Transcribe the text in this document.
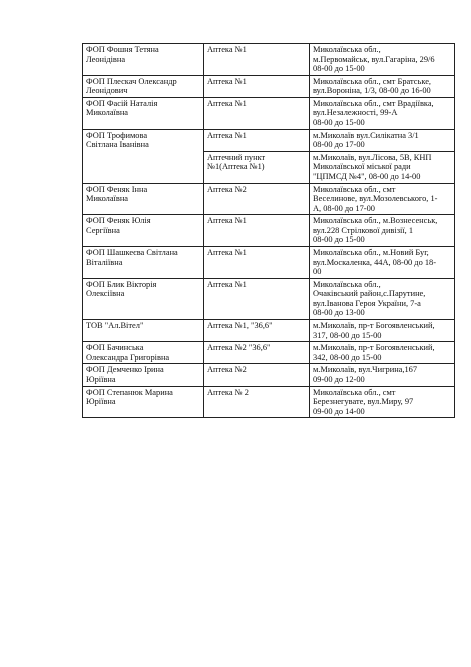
ФОП Фошня Тетяна
Леонідівна	Аптека №1	Миколаївська обл.,
м.Первомайськ, вул.Гагаріна, 29/6
08-00 до 15-00
ФОП Плескач Олександр
Леонідович	Аптека №1	Миколаївська обл., смт Братське,
вул.Вороніна, 1/3, 08-00 до 16-00
ФОП Фасій Наталія
Миколаївна	Аптека №1	Миколаївська обл., смт Врадіївка,
вул.Незалежності, 99-А
08-00 до 15-00
ФОП Трофимова
Світлана Іванівна	Аптека №1	м.Миколаїв вул.Силікатна 3/1
08-00 до 17-00
	Аптечний пункт
№1(Аптека №1)	м.Миколаїв, вул.Лісова, 5В, КНП
Миколаївської міської ради
"ЦПМСД №4", 08-00 до 14-00
ФОП Феняк Інна
Миколаївна	Аптека №2	Миколаївська обл., смт
Веселинове, вул.Мозолевського, 1-
А, 08-00 до 17-00
ФОП Феняк Юлія
Сергіївна	Аптека №1	Миколаївська обл., м.Вознесенськ,
вул.228 Стрілкової дивізії, 1
08-00 до 15-00
ФОП Шашкеєва Світлана
Віталіївна	Аптека №1	Миколаївська обл., м.Новий Буг,
вул.Москаленка, 44А, 08-00 до 18-
00
ФОП Блик Вікторія
Олексіївна	Аптека №1	Миколаївська обл.,
Очаківський район,с.Парутине,
вул.Іванова Героя України, 7-а
08-00 до 13-00
ТОВ "Ал.Вітел"	Аптека №1, "36,6"	м.Миколаїв, пр-т Богоявленський,
317, 08-00 до 15-00
ФОП Бачинська
Олександра Григорівна	Аптека №2 "36,6"	м.Миколаїв, пр-т Богоявленський,
342, 08-00 до 15-00
ФОП Демченко Ірина
Юріївна	Аптека №2	м.Миколаїв, вул.Чигрина,167
09-00 до 12-00
ФОП Степанюк Марина
Юріївна	Аптека № 2	Миколаївська обл., смт
Березнегувате, вул.Миру, 97
09-00 до 14-00
